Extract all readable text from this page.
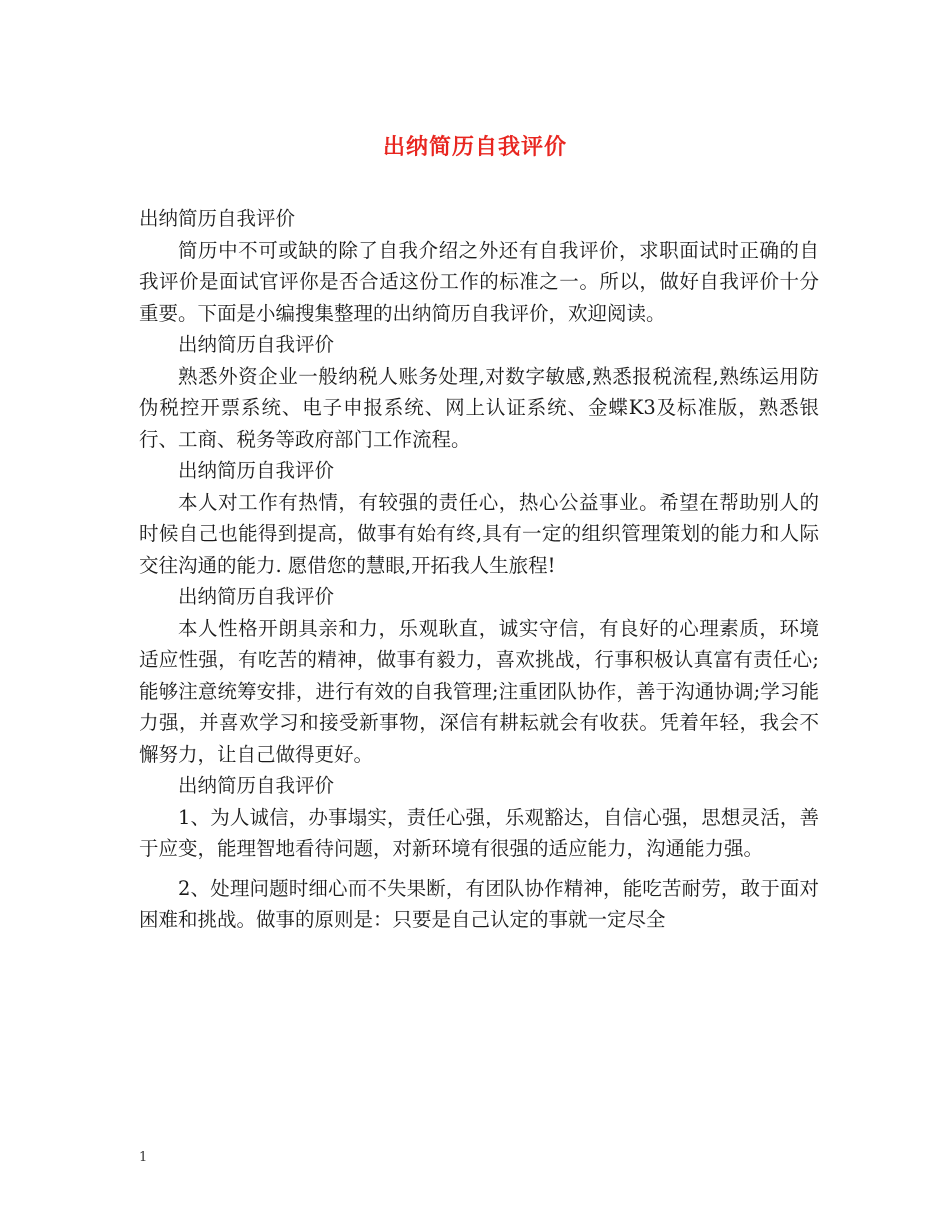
出纳简历自我评价

出纳简历自我评价

简历中不可或缺的除了自我介绍之外还有自我评价，求职面试时正确的自我评价是面试官评你是否合适这份工作的标准之一。所以，做好自我评价十分重要。下面是小编搜集整理的出纳简历自我评价，欢迎阅读。

出纳简历自我评价

熟悉外资企业一般纳税人账务处理,对数字敏感,熟悉报税流程,熟练运用防伪税控开票系统、电子申报系统、网上认证系统、金蝶K3及标准版，熟悉银行、工商、税务等政府部门工作流程。

出纳简历自我评价

本人对工作有热情，有较强的责任心，热心公益事业。希望在帮助别人的时候自己也能得到提高，做事有始有终,具有一定的组织管理策划的能力和人际交往沟通的能力. 愿借您的慧眼,开拓我人生旅程!

出纳简历自我评价

本人性格开朗具亲和力，乐观耿直，诚实守信，有良好的心理素质，环境适应性强，有吃苦的精神，做事有毅力，喜欢挑战，行事积极认真富有责任心;能够注意统筹安排，进行有效的自我管理;注重团队协作，善于沟通协调;学习能力强，并喜欢学习和接受新事物，深信有耕耘就会有收获。凭着年轻，我会不懈努力，让自己做得更好。

出纳简历自我评价

1、为人诚信，办事塌实，责任心强，乐观豁达，自信心强，思想灵活，善于应变，能理智地看待问题，对新环境有很强的适应能力，沟通能力强。

2、处理问题时细心而不失果断，有团队协作精神，能吃苦耐劳，敢于面对困难和挑战。做事的原则是：只要是自己认定的事就一定尽全

1
